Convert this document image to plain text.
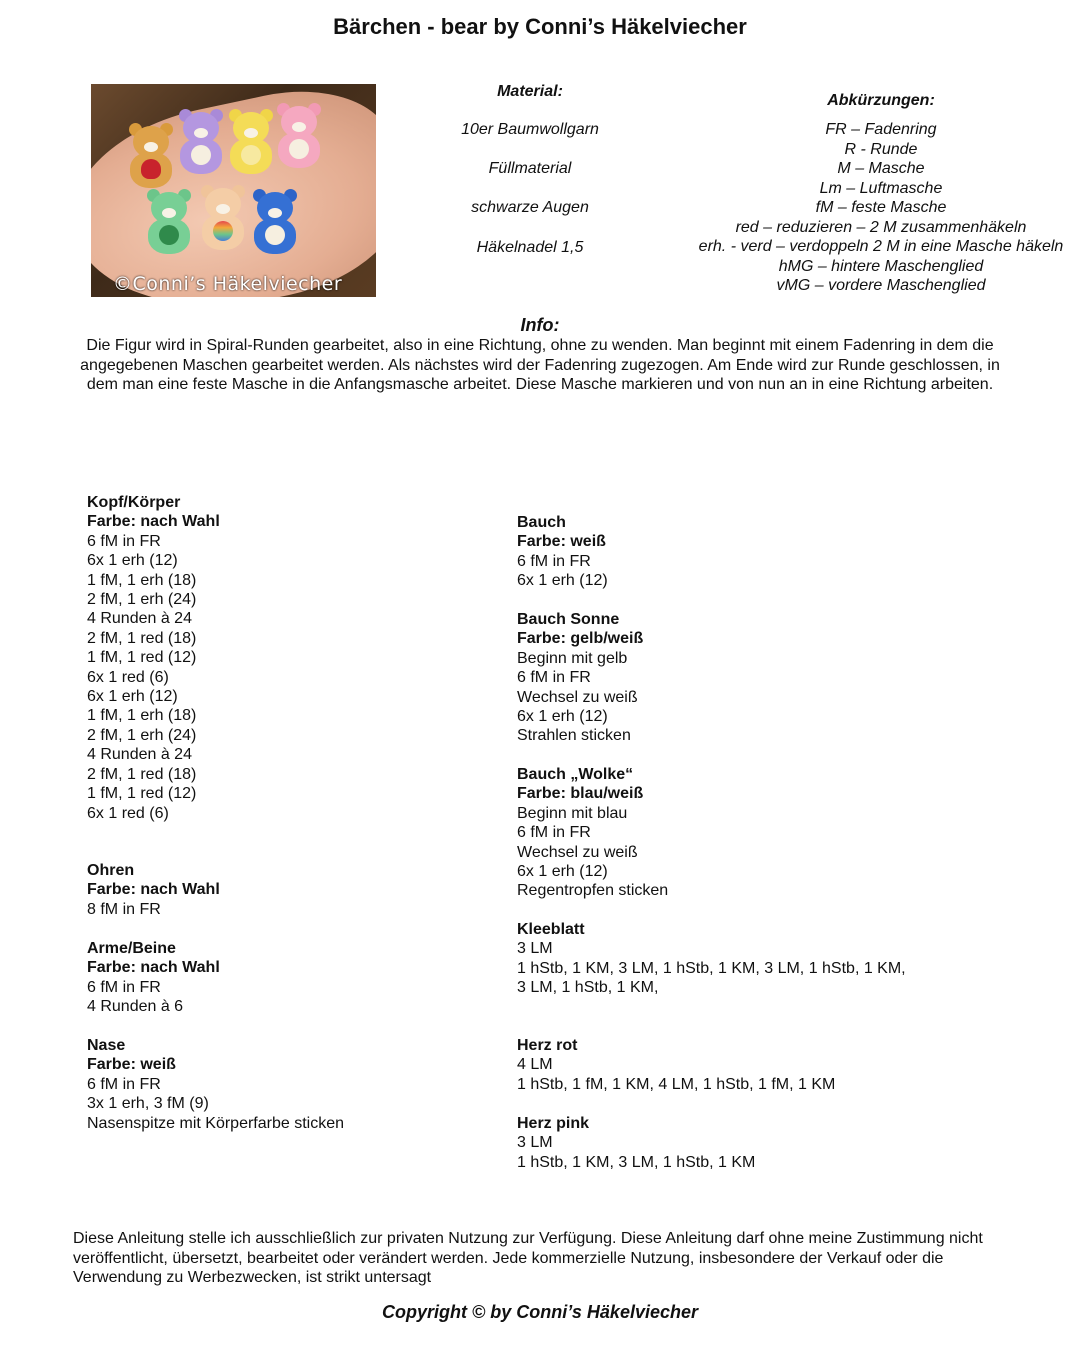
Bärchen - bear by Conni’s Häkelviecher
©Conni’s Häkelviecher
Material:
10er Baumwollgarn
Füllmaterial
schwarze Augen
Häkelnadel 1,5
Abkürzungen:
FR – Fadenring
R - Runde
M – Masche
Lm – Luftmasche
fM – feste Masche
red – reduzieren – 2 M zusammenhäkeln
erh. - verd – verdoppeln 2 M in eine Masche häkeln
hMG – hintere Maschenglied
vMG – vordere Maschenglied
Info:
Die Figur wird in Spiral-Runden gearbeitet, also in eine Richtung, ohne zu wenden. Man beginnt mit einem Fadenring in dem die angegebenen Maschen gearbeitet werden. Als nächstes wird der Fadenring zugezogen. Am Ende wird zur Runde geschlossen, in dem man eine feste Masche in die Anfangsmasche arbeitet. Diese Masche markieren und von nun an in eine Richtung arbeiten.
Kopf/Körper
Farbe: nach Wahl
6 fM in FR
6x 1 erh (12)
1 fM, 1 erh (18)
2 fM, 1 erh (24)
4 Runden à 24
2 fM, 1 red (18)
1 fM, 1 red (12)
6x 1 red (6)
6x 1 erh (12)
1 fM, 1 erh (18)
2 fM, 1 erh (24)
4 Runden à 24
2 fM, 1 red (18)
1 fM, 1 red (12)
6x 1 red (6)
Ohren
Farbe: nach Wahl
8 fM in FR
Arme/Beine
Farbe: nach Wahl
6 fM in FR
4 Runden à 6
Nase
Farbe: weiß
6 fM in FR
3x 1 erh, 3 fM (9)
Nasenspitze mit Körperfarbe sticken
Bauch
Farbe: weiß
6 fM in FR
6x 1 erh (12)
Bauch Sonne
Farbe: gelb/weiß
Beginn mit gelb
6 fM in FR
Wechsel zu weiß
6x 1 erh (12)
Strahlen sticken
Bauch „Wolke“
Farbe: blau/weiß
Beginn mit blau
6 fM in FR
Wechsel zu weiß
6x 1 erh (12)
Regentropfen sticken
Kleeblatt
3 LM
1 hStb, 1 KM, 3 LM, 1 hStb, 1 KM, 3 LM, 1 hStb, 1 KM,
3 LM, 1 hStb, 1 KM,
Herz rot
4 LM
1 hStb, 1 fM, 1 KM, 4 LM, 1 hStb, 1 fM, 1 KM
Herz pink
3 LM
1 hStb, 1 KM, 3 LM, 1 hStb, 1 KM
Diese Anleitung stelle ich ausschließlich zur privaten Nutzung zur Verfügung. Diese Anleitung darf ohne meine Zustimmung nicht veröffentlicht, übersetzt, bearbeitet oder verändert werden. Jede kommerzielle Nutzung, insbesondere der Verkauf oder die Verwendung zu Werbezwecken, ist strikt untersagt
Copyright © by Conni’s Häkelviecher
